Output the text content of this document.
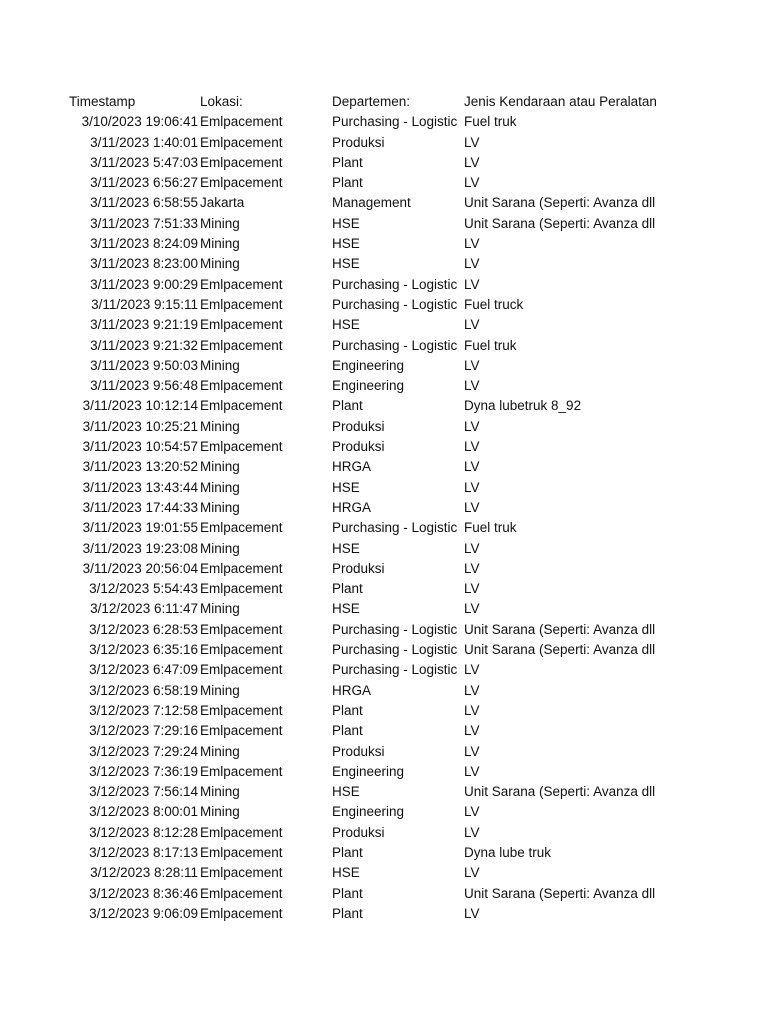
Timestamp	Lokasi:	Departemen:	Jenis Kendaraan atau Peralatan
3/10/2023 19:06:41 Emlpacement	Purchasing - Logistic Fuel truk
3/11/2023 1:40:01 Emlpacement	Produksi	LV
3/11/2023 5:47:03 Emlpacement	Plant	LV
3/11/2023 6:56:27 Emlpacement	Plant	LV
3/11/2023 6:58:55 Jakarta	Management	Unit Sarana (Seperti: Avanza dll
3/11/2023 7:51:33 Mining	HSE	Unit Sarana (Seperti: Avanza dll
3/11/2023 8:24:09 Mining	HSE	LV
3/11/2023 8:23:00 Mining	HSE	LV
3/11/2023 9:00:29 Emlpacement	Purchasing - Logistic LV
3/11/2023 9:15:11 Emlpacement	Purchasing - Logistic Fuel truck
3/11/2023 9:21:19 Emlpacement	HSE	LV
3/11/2023 9:21:32 Emlpacement	Purchasing - Logistic Fuel truk
3/11/2023 9:50:03 Mining	Engineering	LV
3/11/2023 9:56:48 Emlpacement	Engineering	LV
3/11/2023 10:12:14 Emlpacement	Plant	Dyna lubetruk 8_92
3/11/2023 10:25:21 Mining	Produksi	LV
3/11/2023 10:54:57 Emlpacement	Produksi	LV
3/11/2023 13:20:52 Mining	HRGA	LV
3/11/2023 13:43:44 Mining	HSE	LV
3/11/2023 17:44:33 Mining	HRGA	LV
3/11/2023 19:01:55 Emlpacement	Purchasing - Logistic Fuel truk
3/11/2023 19:23:08 Mining	HSE	LV
3/11/2023 20:56:04 Emlpacement	Produksi	LV
3/12/2023 5:54:43 Emlpacement	Plant	LV
3/12/2023 6:11:47 Mining	HSE	LV
3/12/2023 6:28:53 Emlpacement	Purchasing - Logistic Unit Sarana (Seperti: Avanza dll
3/12/2023 6:35:16 Emlpacement	Purchasing - Logistic Unit Sarana (Seperti: Avanza dll
3/12/2023 6:47:09 Emlpacement	Purchasing - Logistic LV
3/12/2023 6:58:19 Mining	HRGA	LV
3/12/2023 7:12:58 Emlpacement	Plant	LV
3/12/2023 7:29:16 Emlpacement	Plant	LV
3/12/2023 7:29:24 Mining	Produksi	LV
3/12/2023 7:36:19 Emlpacement	Engineering	LV
3/12/2023 7:56:14 Mining	HSE	Unit Sarana (Seperti: Avanza dll
3/12/2023 8:00:01 Mining	Engineering	LV
3/12/2023 8:12:28 Emlpacement	Produksi	LV
3/12/2023 8:17:13 Emlpacement	Plant	Dyna lube truk
3/12/2023 8:28:11 Emlpacement	HSE	LV
3/12/2023 8:36:46 Emlpacement	Plant	Unit Sarana (Seperti: Avanza dll
3/12/2023 9:06:09 Emlpacement	Plant	LV
